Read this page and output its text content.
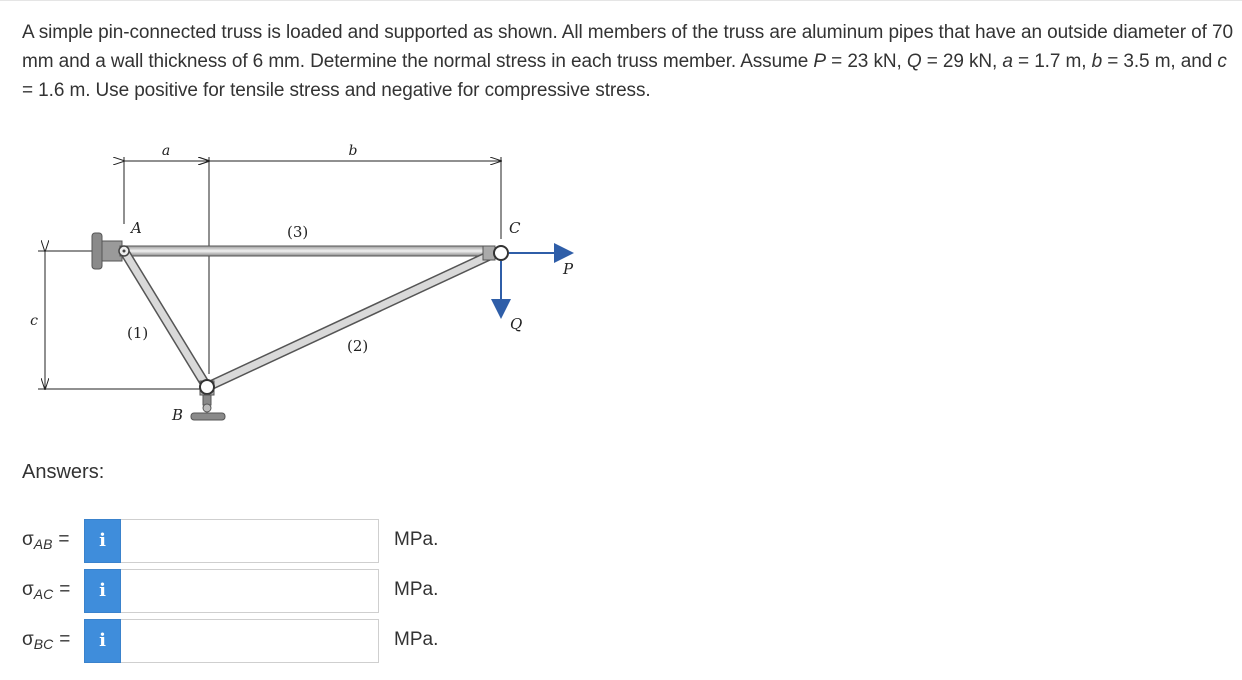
A simple pin-connected truss is loaded and supported as shown. All members of the truss are aluminum pipes that have an outside diameter of 70 mm and a wall thickness of 6 mm. Determine the normal stress in each truss member. Assume P = 23 kN, Q = 29 kN, a = 1.7 m, b = 3.5 m, and c = 1.6 m. Use positive for tensile stress and negative for compressive stress.
a	b
c
A
B
C
(1)
(2)
(3)
P
Q
Answers:
$\sigma_{AB}$ =	i	MPa.
$\sigma_{AC}$ =	i	MPa.
$\sigma_{BC}$ =	i	MPa.
